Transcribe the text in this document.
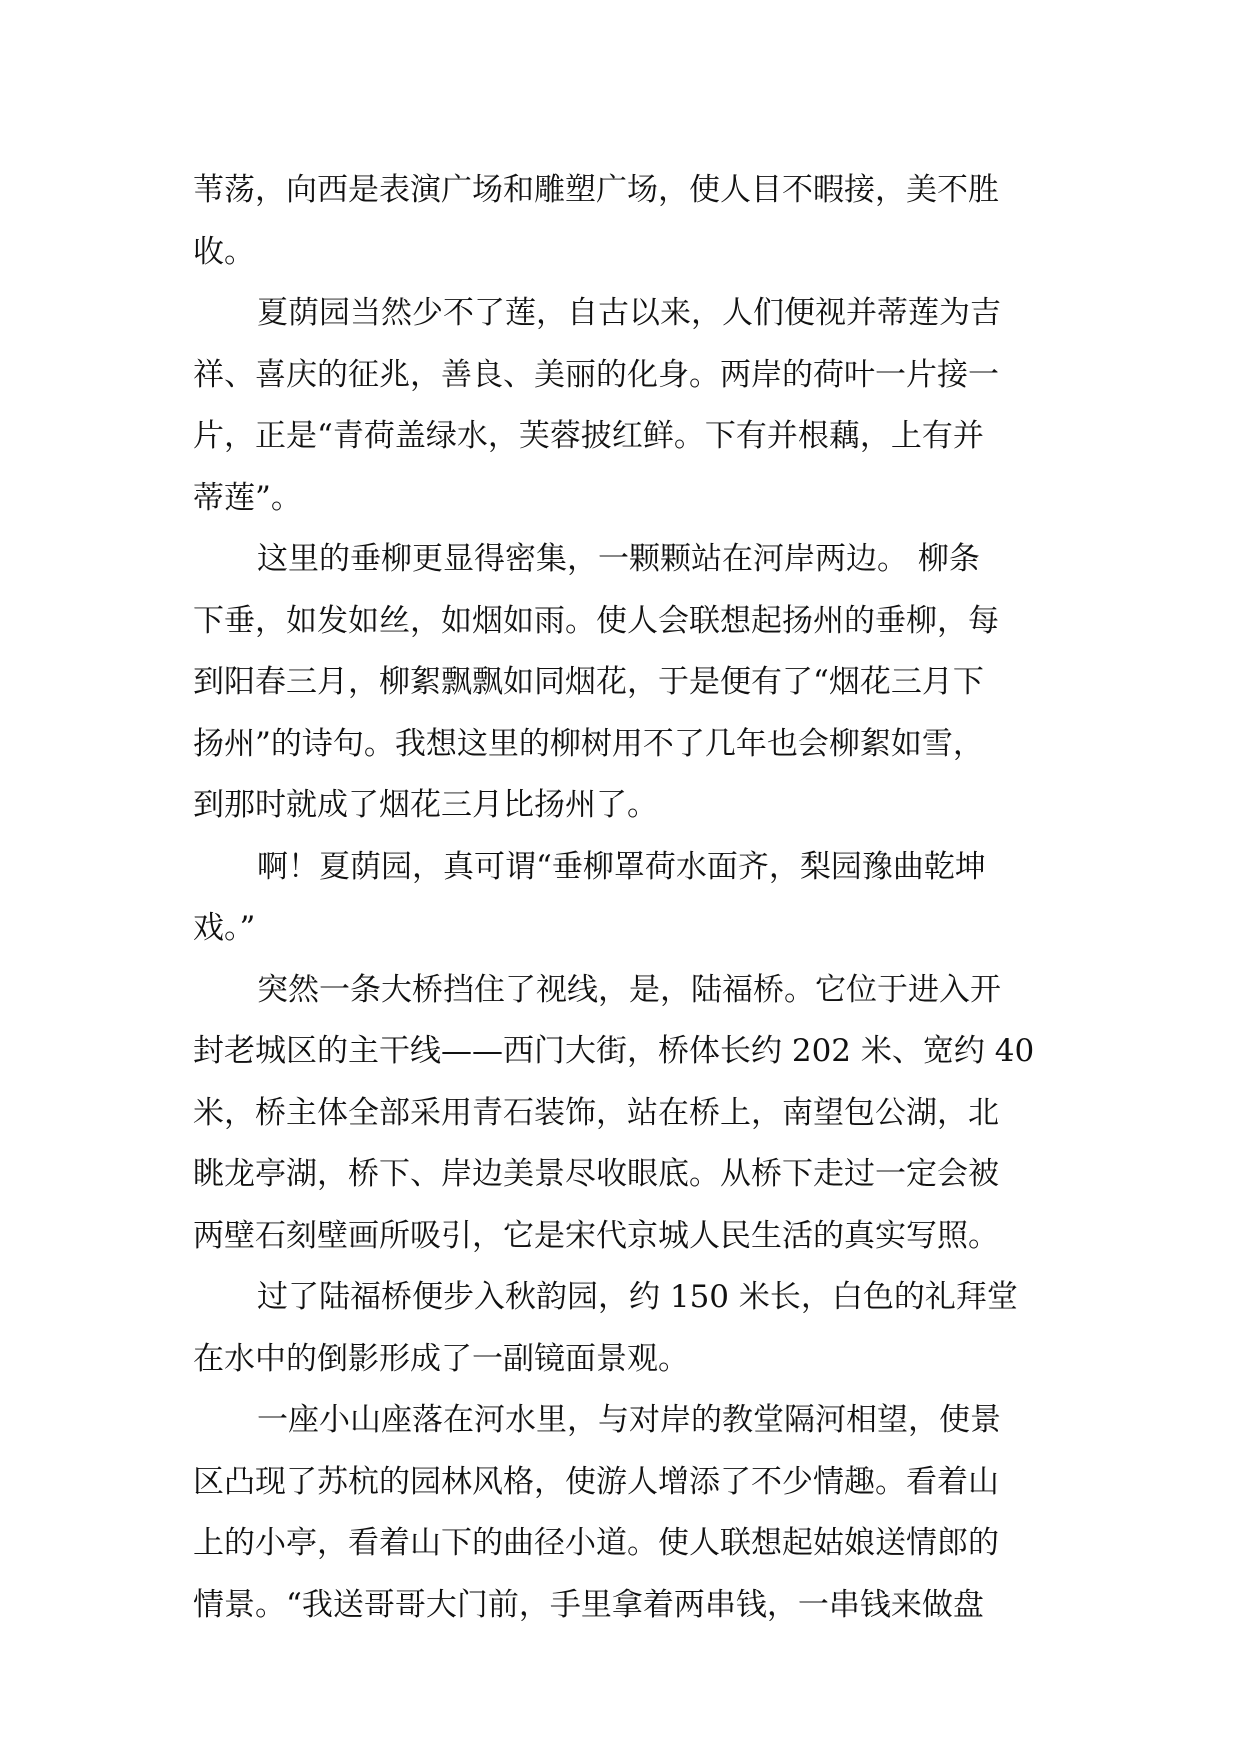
苇荡，向西是表演广场和雕塑广场，使人目不暇接，美不胜
收。
夏荫园当然少不了莲，自古以来，人们便视并蒂莲为吉
祥、喜庆的征兆，善良、美丽的化身。两岸的荷叶一片接一
片，正是“青荷盖绿水，芙蓉披红鲜。下有并根藕，上有并
蒂莲”。
这里的垂柳更显得密集，一颗颗站在河岸两边。 柳条
下垂，如发如丝，如烟如雨。使人会联想起扬州的垂柳，每
到阳春三月，柳絮飘飘如同烟花，于是便有了“烟花三月下
扬州”的诗句。我想这里的柳树用不了几年也会柳絮如雪，
到那时就成了烟花三月比扬州了。
啊！夏荫园，真可谓“垂柳罩荷水面齐，梨园豫曲乾坤
戏。”
突然一条大桥挡住了视线，是，陆福桥。它位于进入开
封老城区的主干线——西门大街，桥体长约 202 米、宽约 40
米，桥主体全部采用青石装饰，站在桥上，南望包公湖，北
眺龙亭湖，桥下、岸边美景尽收眼底。从桥下走过一定会被
两壁石刻壁画所吸引，它是宋代京城人民生活的真实写照。
过了陆福桥便步入秋韵园，约 150 米长，白色的礼拜堂
在水中的倒影形成了一副镜面景观。
一座小山座落在河水里，与对岸的教堂隔河相望，使景
区凸现了苏杭的园林风格，使游人增添了不少情趣。看着山
上的小亭，看着山下的曲径小道。使人联想起姑娘送情郎的
情景。“我送哥哥大门前，手里拿着两串钱，一串钱来做盘
